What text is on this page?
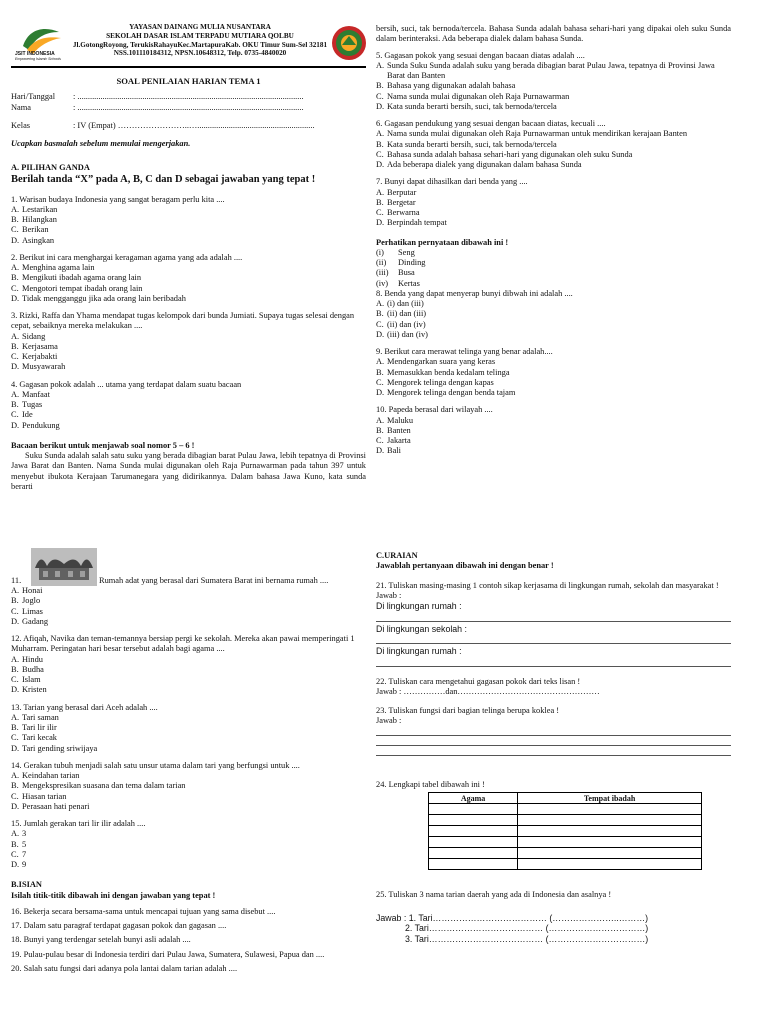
JSIT INDONESIA
Empowering Islamic Schools
YAYASAN DAINANG MULIA NUSANTARA
SEKOLAH DASAR ISLAM TERPADU MUTIARA QOLBU
Jl.GotongRoyong, TerukisRahayuKec.MartapuraKab. OKU Timur Sum-Sel 32181
NSS.101110184312, NPSN.10648312, Telp. 0735-4840020
SOAL PENILAIAN HARIAN TEMA 1
Hari/Tanggal	: ............................................................................................................
Nama	: ............................................................................................................
Kelas	: IV (Empat) ……………………..…........................................................
Ucapkan basmalah sebelum memulai mengerjakan.
A. PILIHAN GANDA
Berilah tanda “X” pada A, B, C dan D sebagai jawaban yang tepat !
1. Warisan budaya Indonesia yang sangat beragam perlu kita ....
A. Lestarikan
B. Hilangkan
C. Berikan
D. Asingkan
2. Berikut ini cara menghargai keragaman agama yang ada adalah ....
A. Menghina agama lain
B. Mengikuti ibadah agama orang lain
C. Mengotori tempat ibadah orang lain
D. Tidak mengganggu jika ada orang lain beribadah
3. Rizki, Raffa dan Yhama mendapat tugas kelompok dari bunda Jumiati. Supaya tugas selesai dengan cepat, sebaiknya mereka melakukan ....
A. Sidang
B. Kerjasama
C. Kerjabakti
D. Musyawarah
4. Gagasan pokok adalah ... utama yang terdapat dalam suatu bacaan
A. Manfaat
B. Tugas
C. Ide
D. Pendukung
Bacaan berikut untuk menjawab soal nomor 5 – 6 !
Suku Sunda adalah salah satu suku yang berada dibagian barat Pulau Jawa, lebih tepatnya di Provinsi Jawa Barat dan Banten. Nama Sunda mulai digunakan oleh Raja Purnawarman pada tahun 397 untuk menyebut ibukota Kerajaan Tarumanegara yang didirikannya. Dalam bahasa Jawa Kuno, kata sunda berarti
bersih, suci, tak bernoda/tercela. Bahasa Sunda adalah bahasa sehari-hari yang dipakai oleh suku Sunda dalam berinteraksi. Ada beberapa dialek dalam bahasa Sunda.
5. Gagasan pokok yang sesuai dengan bacaan diatas adalah ....
A. Sunda Suku Sunda adalah suku yang berada dibagian barat Pulau Jawa, tepatnya di Provinsi Jawa Barat dan Banten
B. Bahasa yang digunakan adalah bahasa
C. Nama sunda mulai digunakan oleh Raja Purnawarman
D. Kata sunda berarti bersih, suci, tak bernoda/tercela
6. Gagasan pendukung yang sesuai dengan bacaan diatas, kecuali ....
A. Nama sunda mulai digunakan oleh Raja Purnawarman untuk mendirikan kerajaan Banten
B. Kata sunda berarti bersih, suci, tak bernoda/tercela
C. Bahasa sunda adalah bahasa sehari-hari yang digunakan oleh suku Sunda
D. Ada beberapa dialek yang digunakan dalam bahasa Sunda
7. Bunyi dapat dihasilkan dari benda yang ....
A. Berputar
B. Bergetar
C. Berwarna
D. Berpindah tempat
Perhatikan pernyataan dibawah ini !
(i)	Seng
(ii)	Dinding
(iii)	Busa
(iv)	Kertas
8. Benda yang dapat menyerap bunyi dibwah ini adalah ....
A. (i) dan (iii)
B. (ii) dan (iii)
C. (ii) dan (iv)
D. (iii) dan (iv)
9. Berikut cara merawat telinga yang benar adalah....
A. Mendengarkan suara yang keras
B. Memasukkan benda kedalam telinga
C. Mengorek telinga dengan kapas
D. Mengorek telinga dengan benda tajam
10. Papeda berasal dari wilayah ....
A. Maluku
B. Banten
C. Jakarta
D. Bali
11.	Rumah adat yang berasal dari Sumatera Barat ini bernama rumah ....
A. Honai
B. Joglo
C. Limas
D. Gadang
12. Afiqah, Navika dan teman-temannya bersiap pergi ke sekolah. Mereka akan pawai memperingati 1 Muharram. Peringatan hari besar tersebut adalah bagi agama ....
A. Hindu
B. Budha
C. Islam
D. Kristen
13. Tarian yang berasal dari Aceh adalah ....
A. Tari saman
B. Tari lir ilir
C. Tari kecak
D. Tari gending sriwijaya
14. Gerakan tubuh menjadi salah satu unsur utama dalam tari yang berfungsi untuk ....
A. Keindahan tarian
B. Mengekspresikan suasana dan tema dalam tarian
C. Hiasan tarian
D. Perasaan hati penari
15. Jumlah gerakan tari lir ilir adalah ....
A. 3
B. 5
C. 7
D. 9
B.ISIAN
Isilah titik-titik dibawah ini dengan jawaban yang tepat !
16. Bekerja secara bersama-sama untuk mencapai tujuan yang sama disebut ....
17. Dalam satu paragraf terdapat gagasan pokok dan gagasan ....
18. Bunyi yang terdengar setelah bunyi asli adalah ....
19. Pulau-pulau besar di Indonesia terdiri dari Pulau Jawa, Sumatera, Sulawesi, Papua dan ....
20. Salah satu fungsi dari adanya pola lantai dalam tarian adalah ....
C.URAIAN
Jawablah pertanyaan dibawah ini dengan benar !
21. Tuliskan masing-masing 1 contoh sikap kerjasama di lingkungan rumah, sekolah dan masyarakat !
Jawab :
Di lingkungan rumah :
Di lingkungan sekolah :
Di lingkungan rumah :
22. Tuliskan cara mengetahui gagasan pokok dari teks lisan !
Jawab : ……………dan……………………………………………
23. Tuliskan fungsi dari bagian telinga berupa koklea !
Jawab :
24. Lengkapi tabel dibawah ini !
Agama	Tempat ibadah

25. Tuliskan 3 nama tarian daerah yang ada di Indonesia dan asalnya !
Jawab : 1. Tari………………………………… (…………………..………)
2. Tari………………………………… (……………………………)
3. Tari………………………………… (……………………………)
